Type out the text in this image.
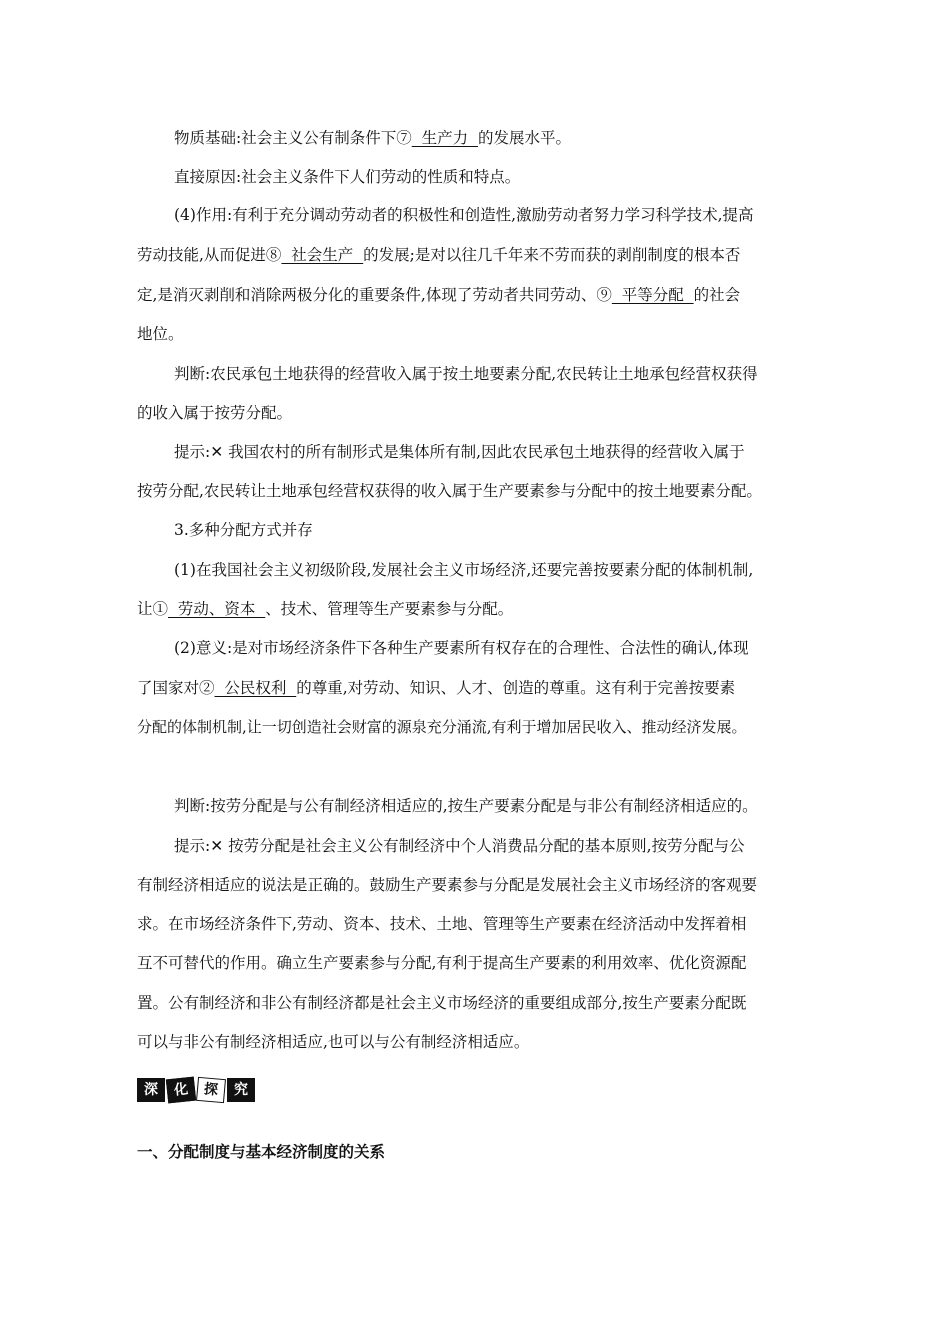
物质基础:社会主义公有制条件下⑦  生产力  的发展水平。
直接原因:社会主义条件下人们劳动的性质和特点。
(4)作用:有利于充分调动劳动者的积极性和创造性,激励劳动者努力学习科学技术,提高
劳动技能,从而促进⑧  社会生产  的发展;是对以往几千年来不劳而获的剥削制度的根本否
定,是消灭剥削和消除两极分化的重要条件,体现了劳动者共同劳动、⑨  平等分配  的社会
地位。
判断:农民承包土地获得的经营收入属于按土地要素分配,农民转让土地承包经营权获得
的收入属于按劳分配。
提示:✕ 我国农村的所有制形式是集体所有制,因此农民承包土地获得的经营收入属于
按劳分配,农民转让土地承包经营权获得的收入属于生产要素参与分配中的按土地要素分配。
3.多种分配方式并存
(1)在我国社会主义初级阶段,发展社会主义市场经济,还要完善按要素分配的体制机制,
让①  劳动、资本  、技术、管理等生产要素参与分配。
(2)意义:是对市场经济条件下各种生产要素所有权存在的合理性、合法性的确认,体现
了国家对②  公民权利  的尊重,对劳动、知识、人才、创造的尊重。这有利于完善按要素
分配的体制机制,让一切创造社会财富的源泉充分涌流,有利于增加居民收入、推动经济发展。
判断:按劳分配是与公有制经济相适应的,按生产要素分配是与非公有制经济相适应的。
提示:✕ 按劳分配是社会主义公有制经济中个人消费品分配的基本原则,按劳分配与公
有制经济相适应的说法是正确的。鼓励生产要素参与分配是发展社会主义市场经济的客观要
求。在市场经济条件下,劳动、资本、技术、土地、管理等生产要素在经济活动中发挥着相
互不可替代的作用。确立生产要素参与分配,有利于提高生产要素的利用效率、优化资源配
置。公有制经济和非公有制经济都是社会主义市场经济的重要组成部分,按生产要素分配既
可以与非公有制经济相适应,也可以与公有制经济相适应。
深	化	探	究
一、分配制度与基本经济制度的关系
